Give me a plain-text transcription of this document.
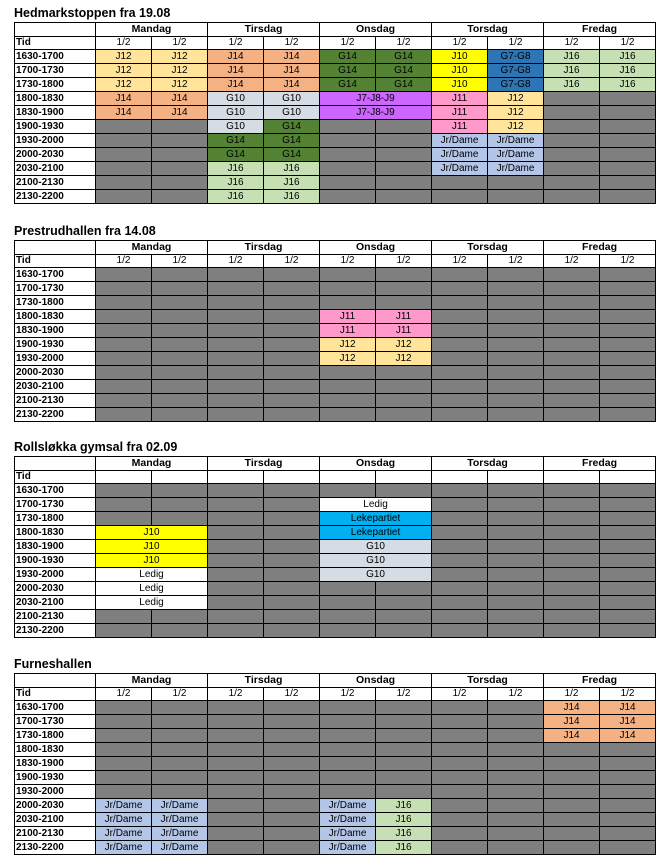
Hedmarkstoppen fra 19.08
	Mandag		Tirsdag		Onsdag		Torsdag		Fredag	
Tid	1/2	1/2	1/2	1/2	1/2	1/2	1/2	1/2	1/2	1/2
1630-1700	J12	J12	J14	J14	G14	G14	J10	G7-G8	J16	J16
1700-1730	J12	J12	J14	J14	G14	G14	J10	G7-G8	J16	J16
1730-1800	J12	J12	J14	J14	G14	G14	J10	G7-G8	J16	J16
1800-1830	J14	J14	G10	G10	J7-J8-J9		J11	J12		
1830-1900	J14	J14	G10	G10	J7-J8-J9		J11	J12		
1900-1930			G10	G14			J11	J12		
1930-2000			G14	G14			Jr/Dame	Jr/Dame		
2000-2030			G14	G14			Jr/Dame	Jr/Dame		
2030-2100			J16	J16			Jr/Dame	Jr/Dame		
2100-2130			J16	J16						
2130-2200			J16	J16						
Prestrudhallen fra 14.08
	Mandag		Tirsdag		Onsdag		Torsdag		Fredag	
Tid	1/2	1/2	1/2	1/2	1/2	1/2	1/2	1/2	1/2	1/2
1630-1700										
1700-1730										
1730-1800										
1800-1830					J11	J11				
1830-1900					J11	J11				
1900-1930					J12	J12				
1930-2000					J12	J12				
2000-2030										
2030-2100										
2100-2130										
2130-2200										
Rollsløkka gymsal fra 02.09
	Mandag		Tirsdag		Onsdag		Torsdag		Fredag	

Tid										
1630-1700										
1700-1730					Ledig					
1730-1800					Lekepartiet					
1800-1830	J10				Lekepartiet					
1830-1900	J10				G10					
1900-1930	J10				G10					
1930-2000	Ledig				G10					
2000-2030	Ledig									
2030-2100	Ledig									
2100-2130										
2130-2200										
Furneshallen
	Mandag		Tirsdag		Onsdag		Torsdag		Fredag	
Tid	1/2	1/2	1/2	1/2	1/2	1/2	1/2	1/2	1/2	1/2
1630-1700									J14	J14
1700-1730									J14	J14
1730-1800									J14	J14
1800-1830										
1830-1900										
1900-1930										
1930-2000										
2000-2030	Jr/Dame	Jr/Dame			Jr/Dame	J16				
2030-2100	Jr/Dame	Jr/Dame			Jr/Dame	J16				
2100-2130	Jr/Dame	Jr/Dame			Jr/Dame	J16				
2130-2200	Jr/Dame	Jr/Dame			Jr/Dame	J16				
